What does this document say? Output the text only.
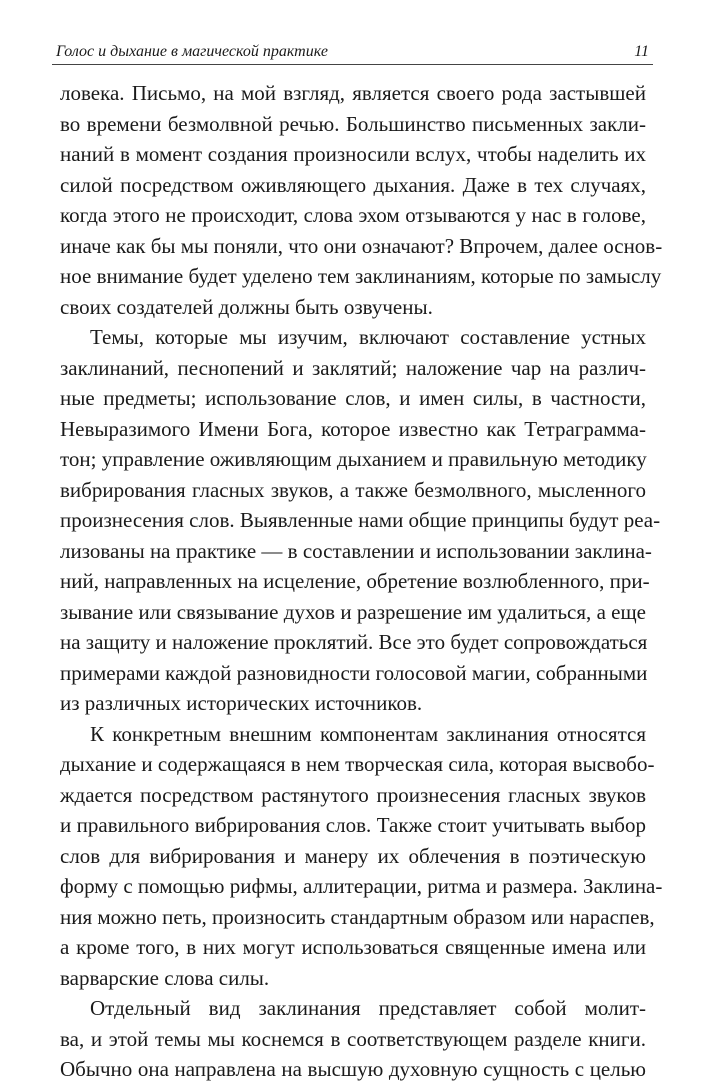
Голос и дыхание в магической практике	11
ловека. Письмо, на мой взгляд, является своего рода застывшей
во времени безмолвной речью. Большинство письменных закли-
наний в момент создания произносили вслух, чтобы наделить их
силой посредством оживляющего дыхания. Даже в тех случаях,
когда этого не происходит, слова эхом отзываются у нас в голове,
иначе как бы мы поняли, что они означают? Впрочем, далее основ-
ное внимание будет уделено тем заклинаниям, которые по замыслу
своих создателей должны быть озвучены.
Темы, которые мы изучим, включают составление устных
заклинаний, песнопений и заклятий; наложение чар на различ-
ные предметы; использование слов, и имен силы, в частности,
Невыразимого Имени Бога, которое известно как Тетраграмма-
тон; управление оживляющим дыханием и правильную методику
вибрирования гласных звуков, а также безмолвного, мысленного
произнесения слов. Выявленные нами общие принципы будут реа-
лизованы на практике — в составлении и использовании заклина-
ний, направленных на исцеление, обретение возлюбленного, при-
зывание или связывание духов и разрешение им удалиться, а еще
на защиту и наложение проклятий. Все это будет сопровождаться
примерами каждой разновидности голосовой магии, собранными
из различных исторических источников.
К конкретным внешним компонентам заклинания относятся
дыхание и содержащаяся в нем творческая сила, которая высвобо-
ждается посредством растянутого произнесения гласных звуков
и правильного вибрирования слов. Также стоит учитывать выбор
слов для вибрирования и манеру их облечения в поэтическую
форму с помощью рифмы, аллитерации, ритма и размера. Заклина-
ния можно петь, произносить стандартным образом или нараспев,
а кроме того, в них могут использоваться священные имена или
варварские слова силы.
Отдельный вид заклинания представляет собой молит-
ва, и этой темы мы коснемся в соответствующем разделе книги.
Обычно она направлена на высшую духовную сущность с целью
